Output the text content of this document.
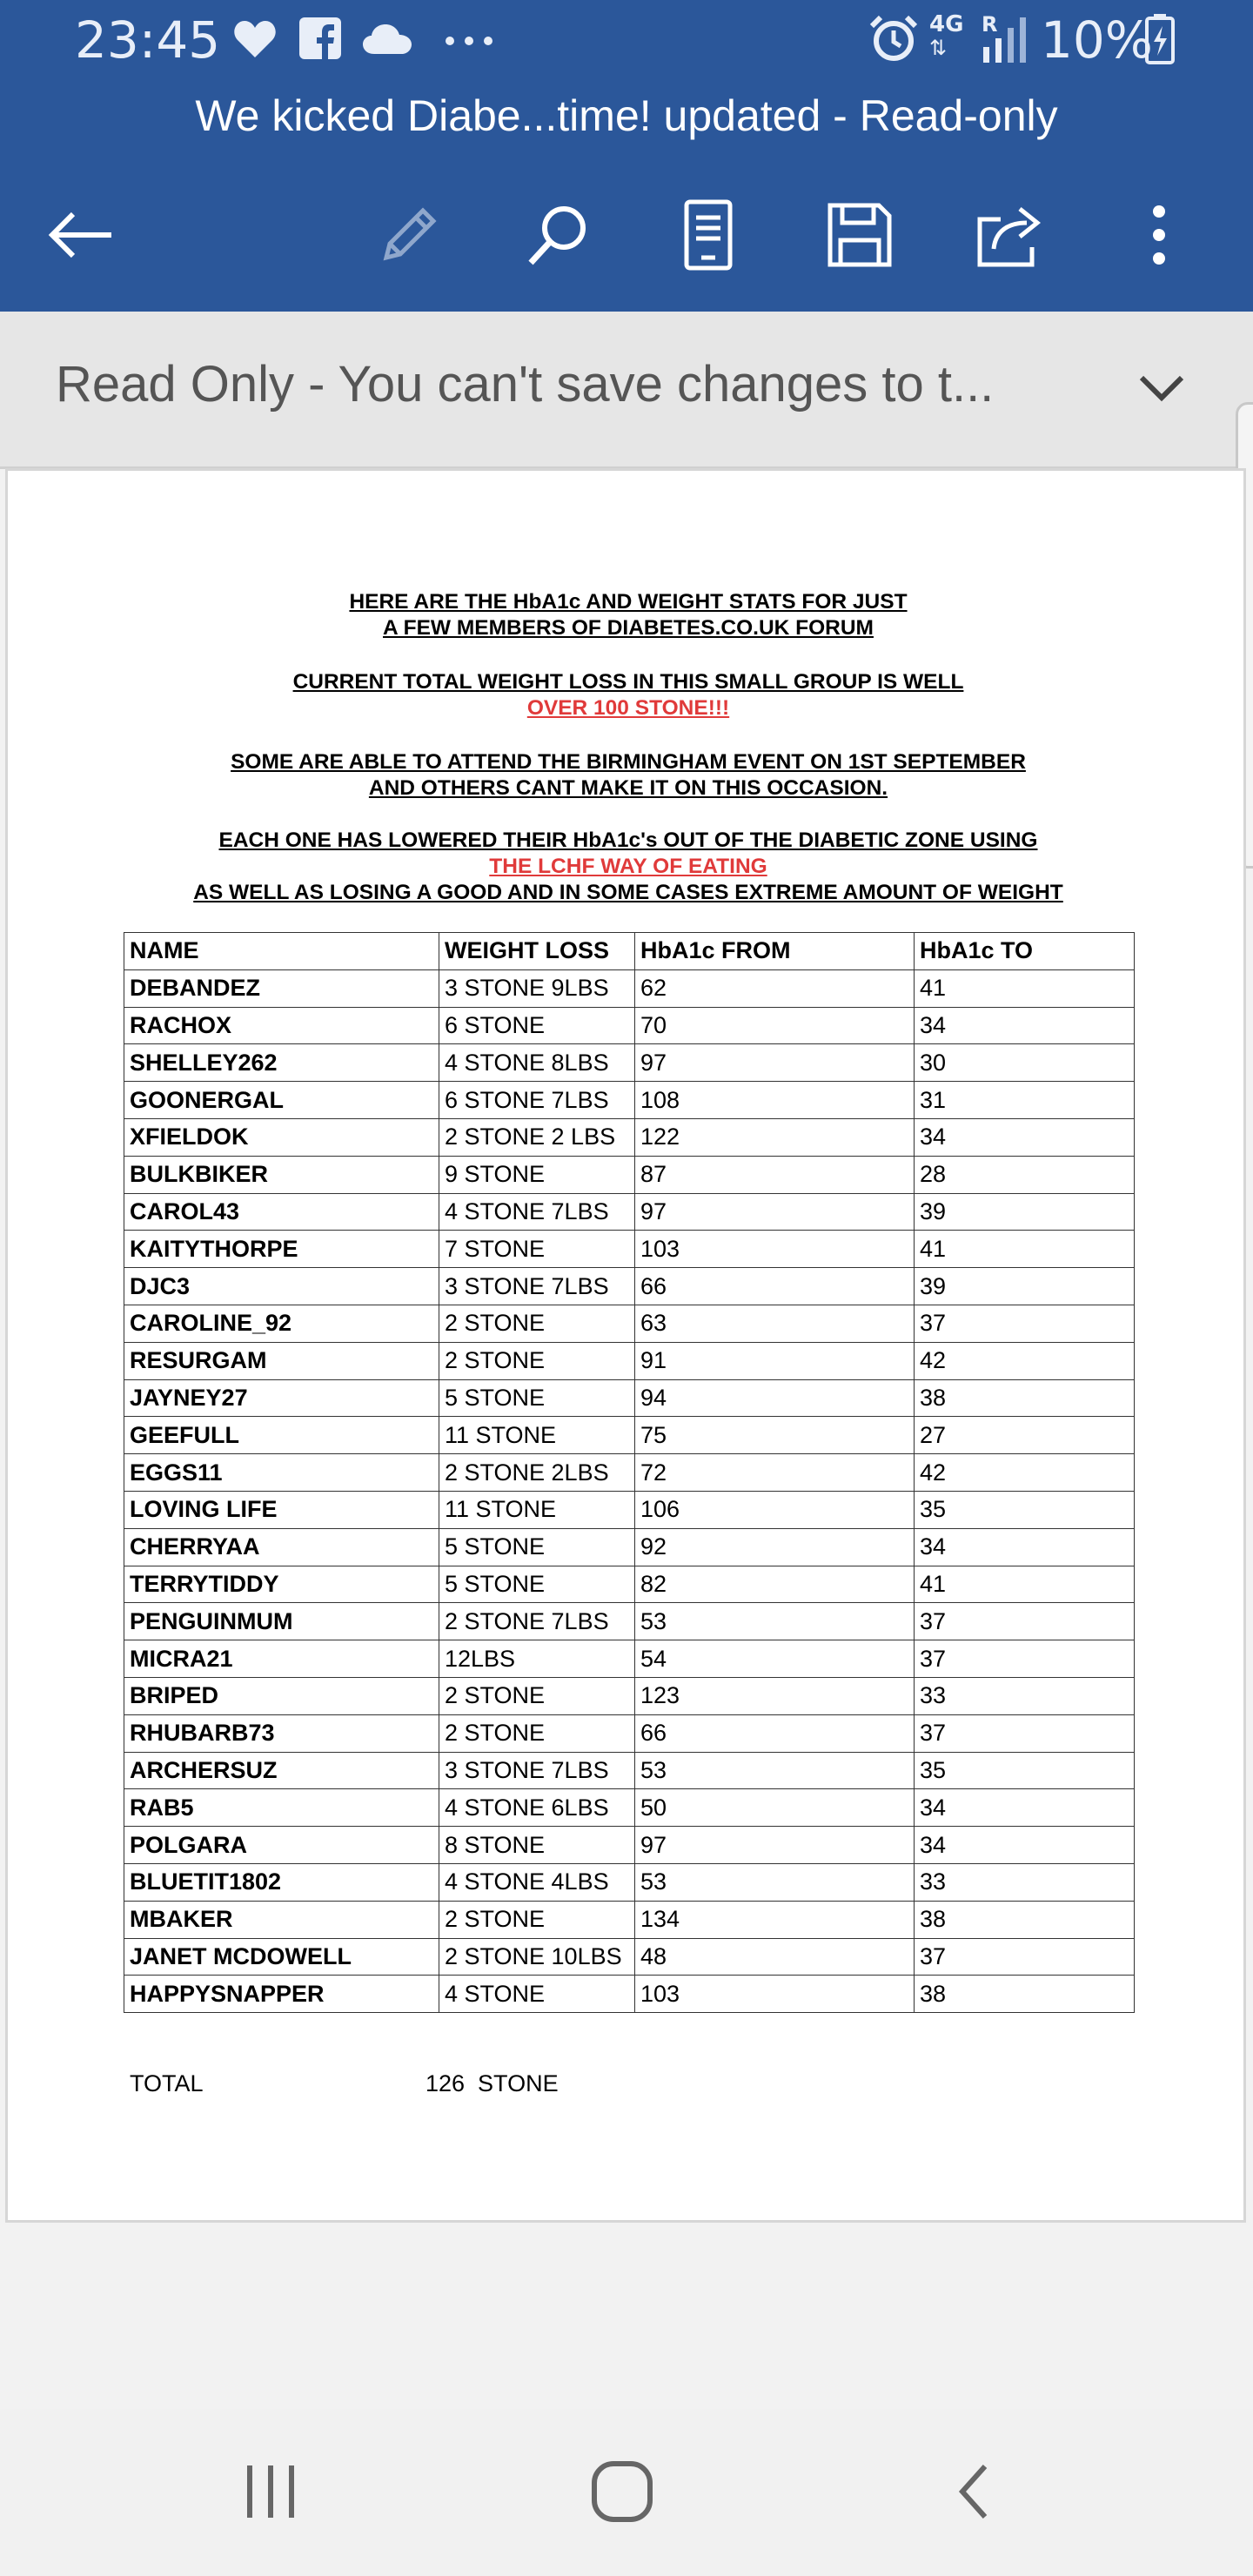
23:45	4G
⇅
R 10%
We kicked Diabe...time! updated - Read-only
Read Only - You can't save changes to t...
HERE ARE THE HbA1c AND WEIGHT STATS FOR JUST
A FEW MEMBERS OF DIABETES.CO.UK FORUM
CURRENT TOTAL WEIGHT LOSS IN THIS SMALL GROUP IS WELL
OVER 100 STONE!!!
SOME ARE ABLE TO ATTEND THE BIRMINGHAM EVENT ON 1ST SEPTEMBER
AND OTHERS CANT MAKE IT ON THIS OCCASION.
EACH ONE HAS LOWERED THEIR HbA1c's OUT OF THE DIABETIC ZONE USING
THE LCHF WAY OF EATING
AS WELL AS LOSING A GOOD AND IN SOME CASES EXTREME AMOUNT OF WEIGHT
NAME	WEIGHT LOSS	HbA1c FROM	HbA1c TO
DEBANDEZ	3 STONE 9LBS	62	41
RACHOX	6 STONE	70	34
SHELLEY262	4 STONE 8LBS	97	30
GOONERGAL	6 STONE 7LBS	108	31
XFIELDOK	2 STONE 2 LBS	122	34
BULKBIKER	9 STONE	87	28
CAROL43	4 STONE 7LBS	97	39
KAITYTHORPE	7 STONE	103	41
DJC3	3 STONE 7LBS	66	39
CAROLINE_92	2 STONE	63	37
RESURGAM	2 STONE	91	42
JAYNEY27	5 STONE	94	38
GEEFULL	11 STONE	75	27
EGGS11	2 STONE 2LBS	72	42
LOVING LIFE	11 STONE	106	35
CHERRYAA	5 STONE	92	34
TERRYTIDDY	5 STONE	82	41
PENGUINMUM	2 STONE 7LBS	53	37
MICRA21	12LBS	54	37
BRIPED	2 STONE	123	33
RHUBARB73	2 STONE	66	37
ARCHERSUZ	3 STONE 7LBS	53	35
RAB5	4 STONE 6LBS	50	34
POLGARA	8 STONE	97	34
BLUETIT1802	4 STONE 4LBS	53	33
MBAKER	2 STONE	134	38
JANET MCDOWELL	2 STONE 10LBS	48	37
HAPPYSNAPPER	4 STONE	103	38
TOTAL	126  STONE
